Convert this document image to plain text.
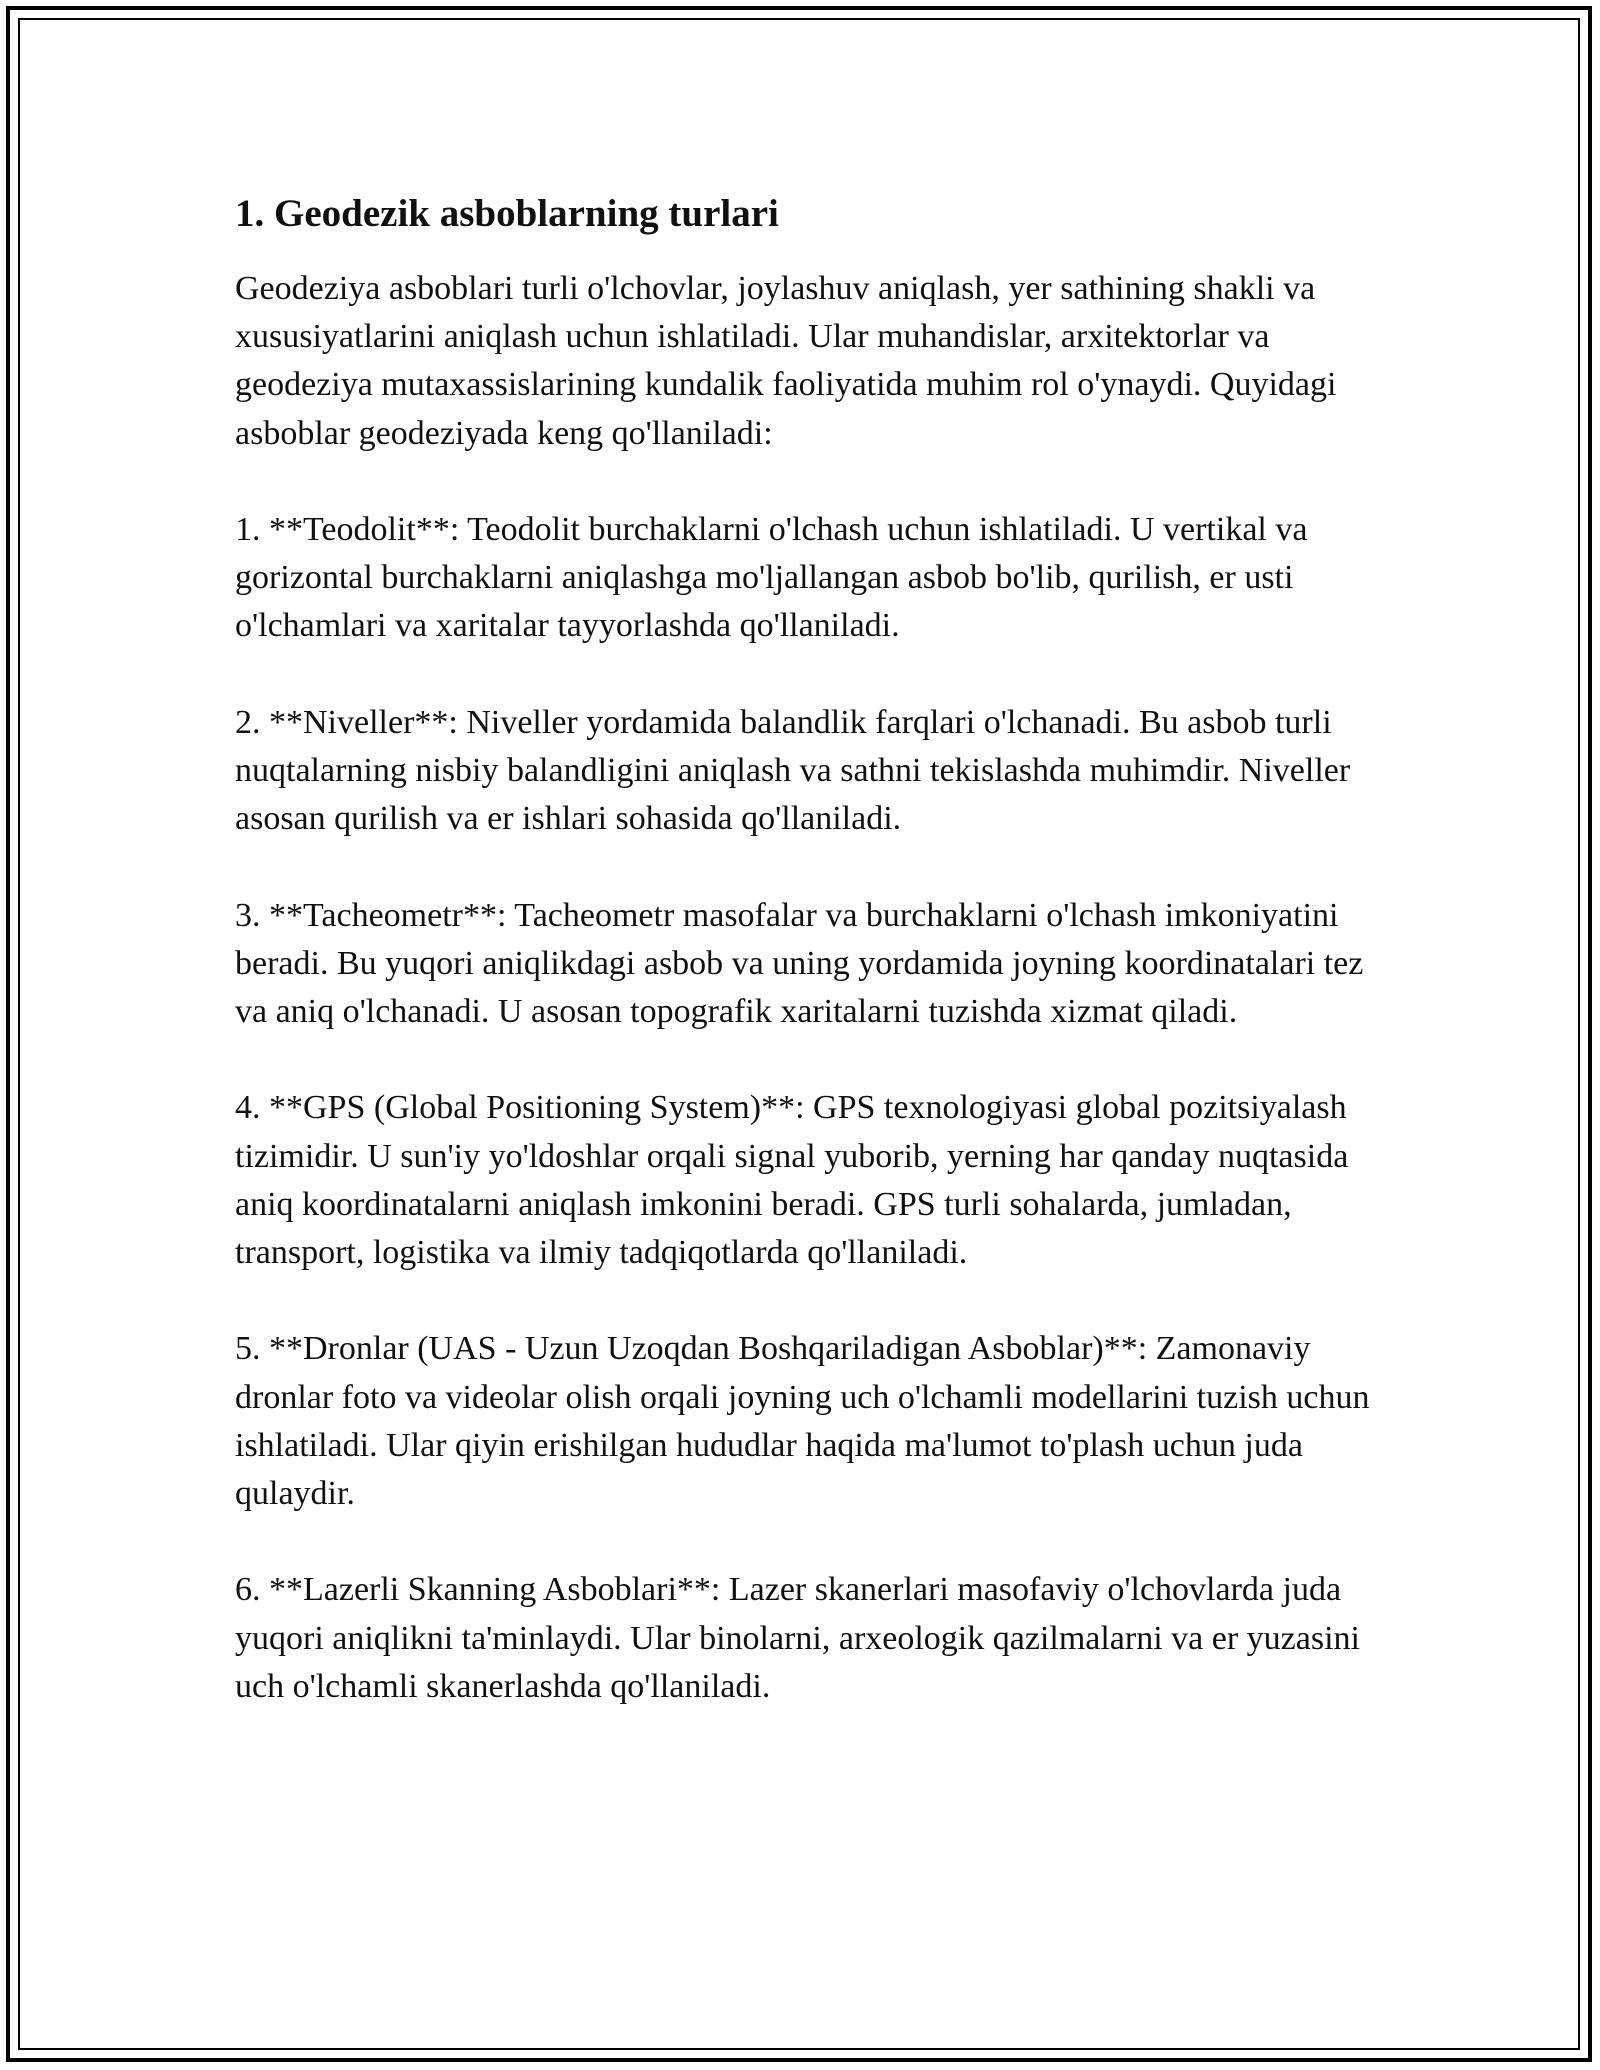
1. Geodezik asboblarning turlari

Geodeziya asboblari turli o'lchovlar, joylashuv aniqlash, yer sathining shakli va xususiyatlarini aniqlash uchun ishlatiladi. Ular muhandislar, arxitektorlar va geodeziya mutaxassislarining kundalik faoliyatida muhim rol o'ynaydi. Quyidagi asboblar geodeziyada keng qo'llaniladi:

1. **Teodolit**: Teodolit burchaklarni o'lchash uchun ishlatiladi. U vertikal va gorizontal burchaklarni aniqlashga mo'ljallangan asbob bo'lib, qurilish, er usti o'lchamlari va xaritalar tayyorlashda qo'llaniladi.

2. **Niveller**: Niveller yordamida balandlik farqlari o'lchanadi. Bu asbob turli nuqtalarning nisbiy balandligini aniqlash va sathni tekislashda muhimdir. Niveller asosan qurilish va er ishlari sohasida qo'llaniladi.

3. **Tacheometr**: Tacheometr masofalar va burchaklarni o'lchash imkoniyatini beradi. Bu yuqori aniqlikdagi asbob va uning yordamida joyning koordinatalari tez va aniq o'lchanadi. U asosan topografik xaritalarni tuzishda xizmat qiladi.

4. **GPS (Global Positioning System)**: GPS texnologiyasi global pozitsiyalash tizimidir. U sun'iy yo'ldoshlar orqali signal yuborib, yerning har qanday nuqtasida aniq koordinatalarni aniqlash imkonini beradi. GPS turli sohalarda, jumladan, transport, logistika va ilmiy tadqiqotlarda qo'llaniladi.

5. **Dronlar (UAS - Uzun Uzoqdan Boshqariladigan Asboblar)**: Zamonaviy dronlar foto va videolar olish orqali joyning uch o'lchamli modellarini tuzish uchun ishlatiladi. Ular qiyin erishilgan hududlar haqida ma'lumot to'plash uchun juda qulaydir.

6. **Lazerli Skanning Asboblari**: Lazer skanerlari masofaviy o'lchovlarda juda yuqori aniqlikni ta'minlaydi. Ular binolarni, arxeologik qazilmalarni va er yuzasini uch o'lchamli skanerlashda qo'llaniladi.
